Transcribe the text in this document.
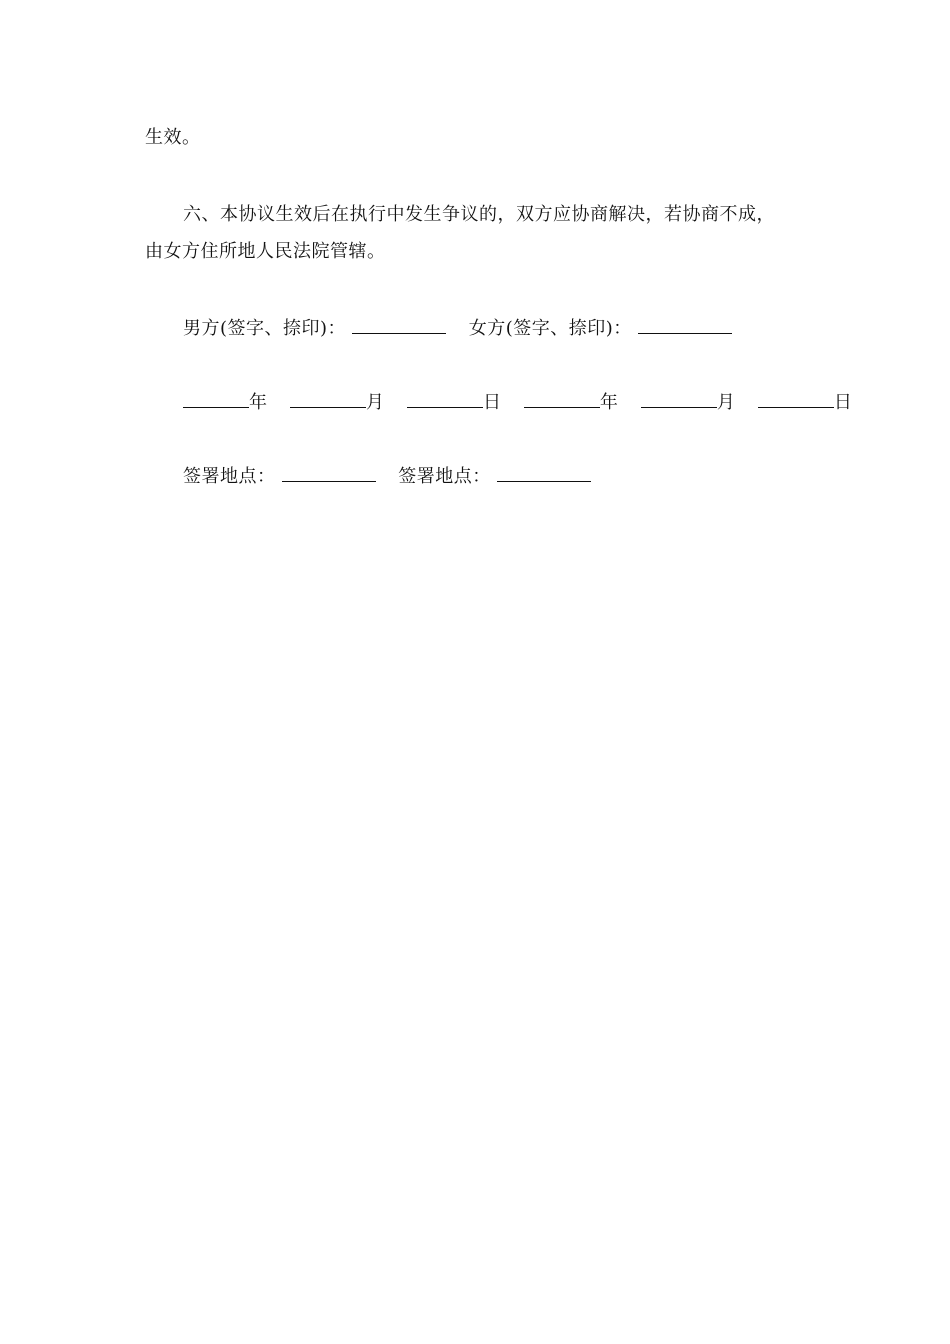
生效。
六、本协议生效后在执行中发生争议的，双方应协商解决，若协商不成，
由女方住所地人民法院管辖。
男方(签字、捺印)：	女方(签字、捺印)：
年	月	日	年	月	日
签署地点：	签署地点：
